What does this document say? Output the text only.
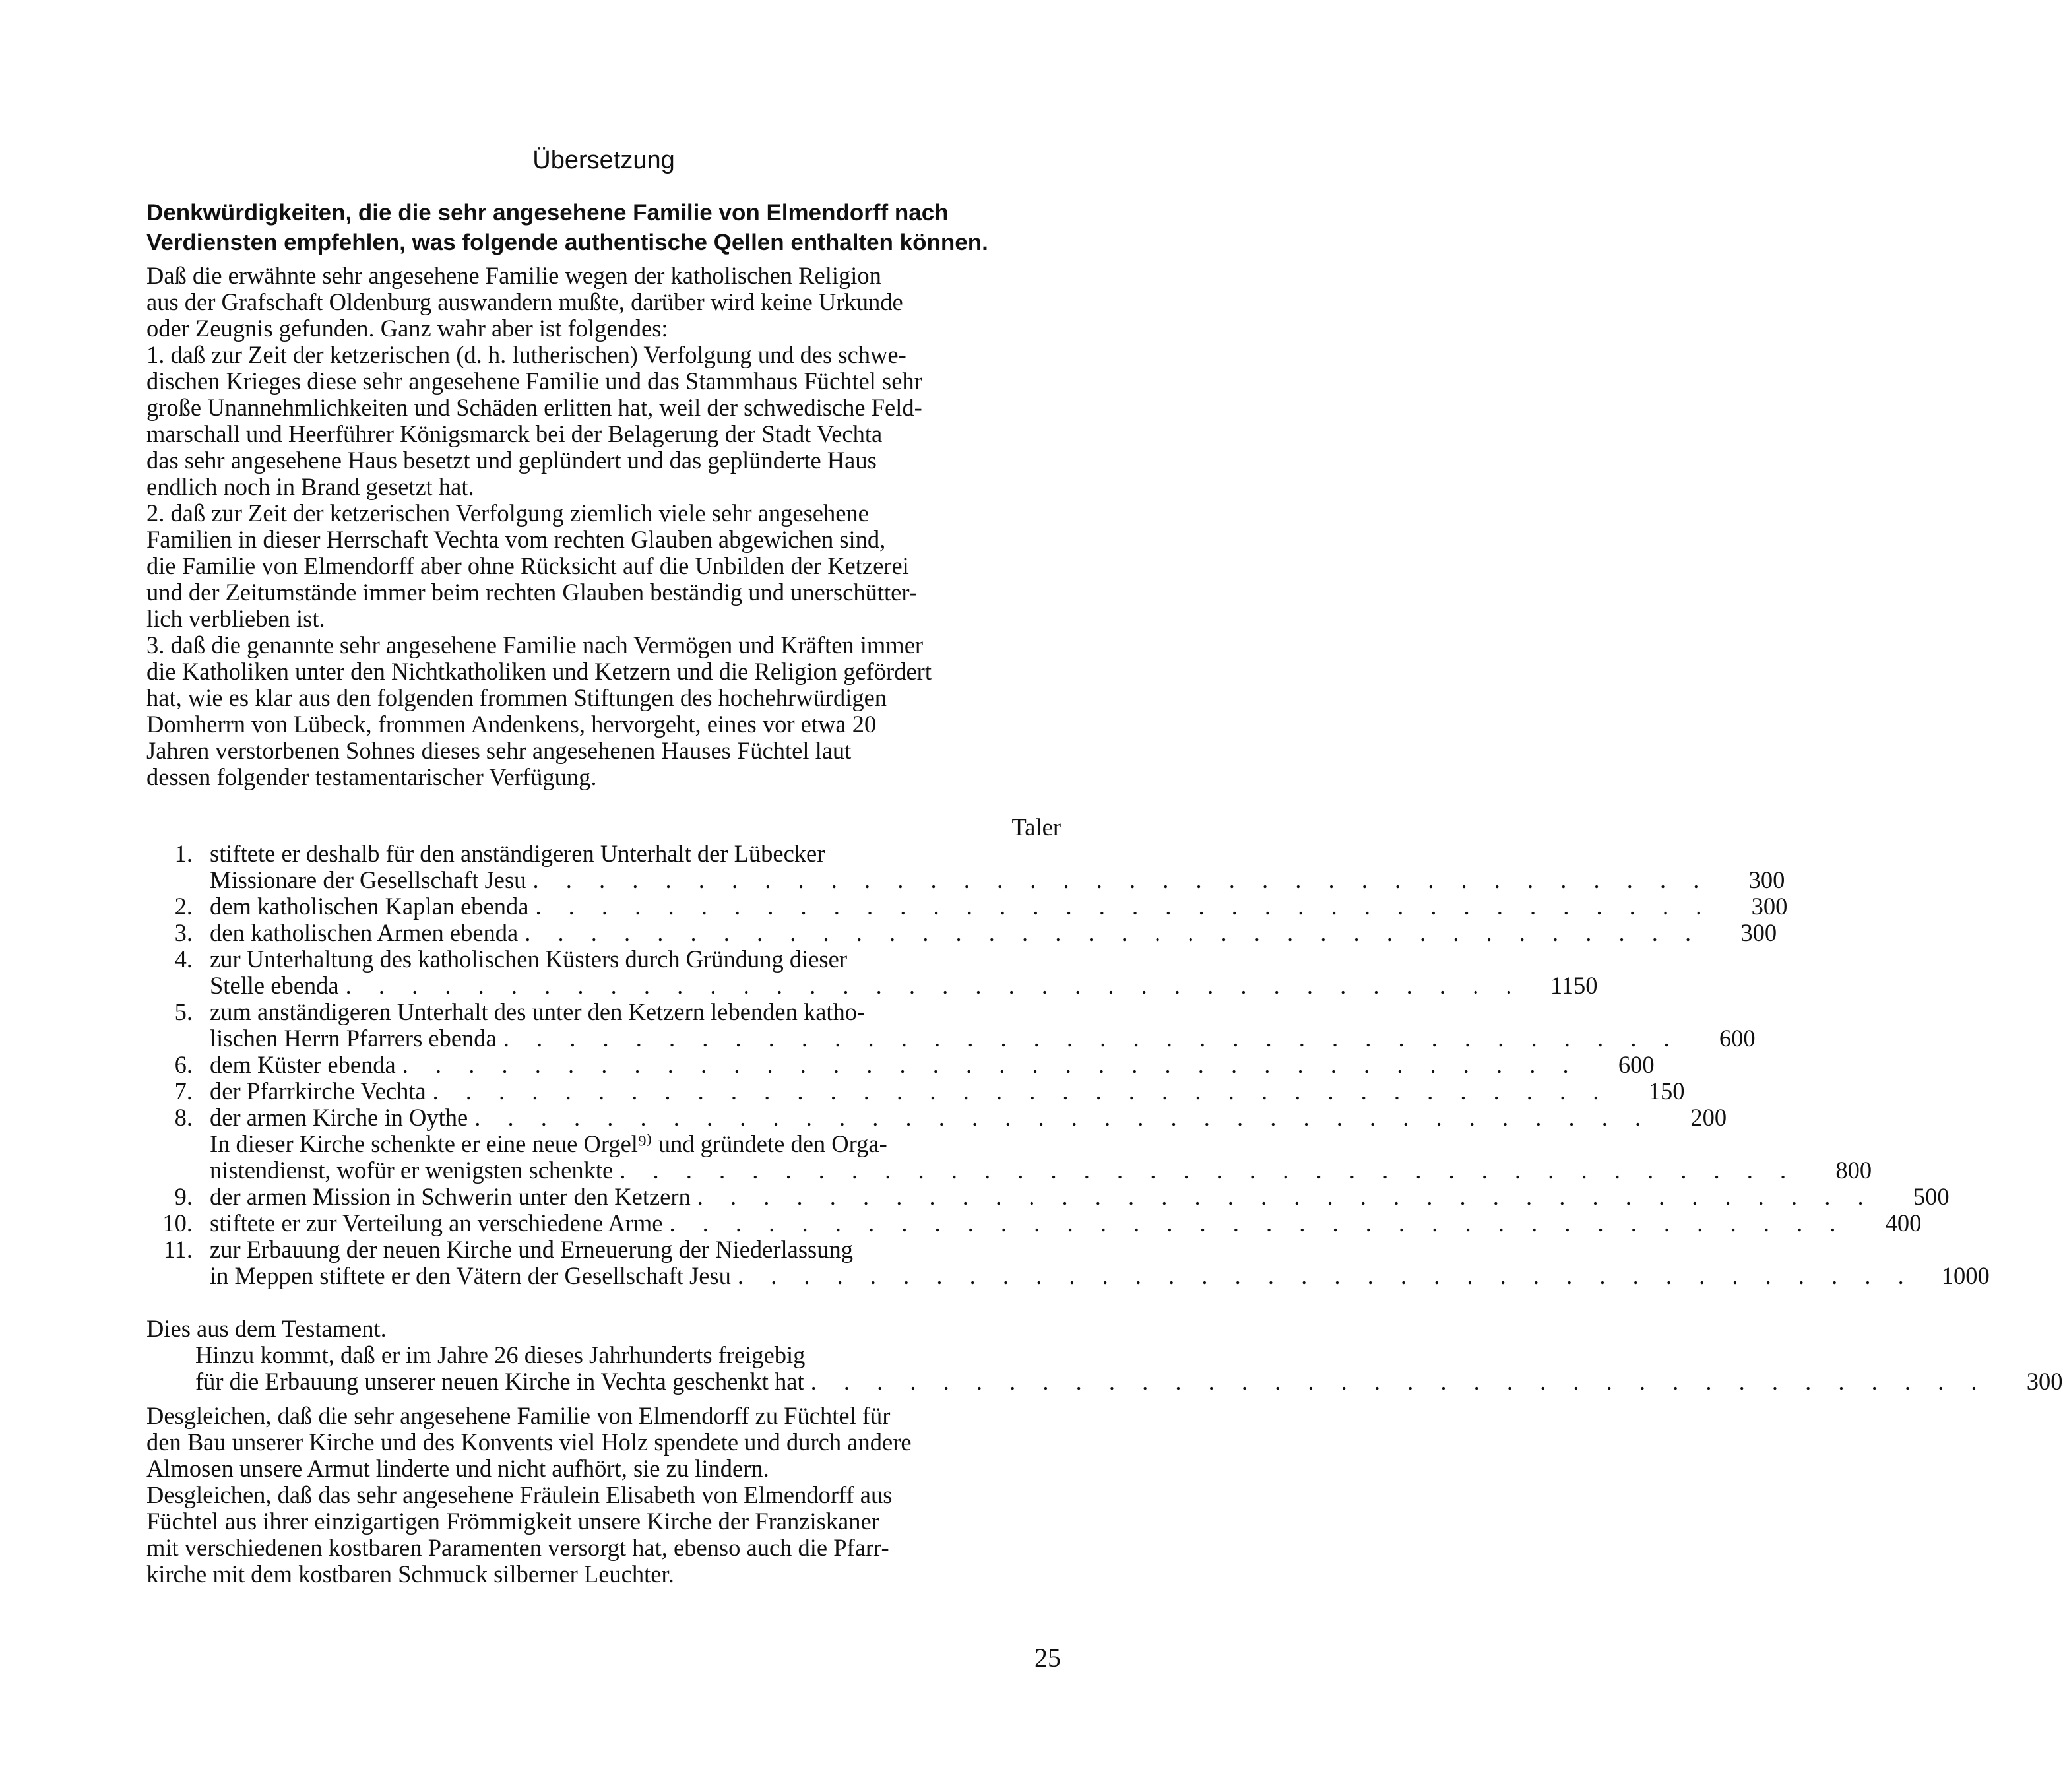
Übersetzung
Denkwürdigkeiten, die die sehr angesehene Familie von Elmendorff nach
Verdiensten empfehlen, was folgende authentische Qellen enthalten können.
Daß die erwähnte sehr angesehene Familie wegen der katholischen Religion
aus der Grafschaft Oldenburg auswandern mußte, darüber wird keine Urkunde
oder Zeugnis gefunden. Ganz wahr aber ist folgendes:
1. daß zur Zeit der ketzerischen (d. h. lutherischen) Verfolgung und des schwe-
dischen Krieges diese sehr angesehene Familie und das Stammhaus Füchtel sehr
große Unannehmlichkeiten und Schäden erlitten hat, weil der schwedische Feld-
marschall und Heerführer Königsmarck bei der Belagerung der Stadt Vechta
das sehr angesehene Haus besetzt und geplündert und das geplünderte Haus
endlich noch in Brand gesetzt hat.
2. daß zur Zeit der ketzerischen Verfolgung ziemlich viele sehr angesehene
Familien in dieser Herrschaft Vechta vom rechten Glauben abgewichen sind,
die Familie von Elmendorff aber ohne Rücksicht auf die Unbilden der Ketzerei
und der Zeitumstände immer beim rechten Glauben beständig und unerschütter-
lich verblieben ist.
3. daß die genannte sehr angesehene Familie nach Vermögen und Kräften immer
die Katholiken unter den Nichtkatholiken und Ketzern und die Religion gefördert
hat, wie es klar aus den folgenden frommen Stiftungen des hochehrwürdigen
Domherrn von Lübeck, frommen Andenkens, hervorgeht, eines vor etwa 20
Jahren verstorbenen Sohnes dieses sehr angesehenen Hauses Füchtel laut
dessen folgender testamentarischer Verfügung.
Taler
1. stiftete er deshalb für den anständigeren Unterhalt der Lübecker
Missionare der Gesellschaft Jesu . . . . . . . . . . . . . . . . . . . . . . . . . . . . . . . . . . . .	300
2. dem katholischen Kaplan ebenda . . . . . . . . . . . . . . . . . . . . . . . . . . . . . . . . . . . .	300
3. den katholischen Armen ebenda . . . . . . . . . . . . . . . . . . . . . . . . . . . . . . . . . . . .	300
4. zur Unterhaltung des katholischen Küsters durch Gründung dieser
Stelle ebenda . . . . . . . . . . . . . . . . . . . . . . . . . . . . . . . . . . . .	1150
5. zum anständigeren Unterhalt des unter den Ketzern lebenden katho-
lischen Herrn Pfarrers ebenda . . . . . . . . . . . . . . . . . . . . . . . . . . . . . . . . . . . .	600
6. dem Küster ebenda . . . . . . . . . . . . . . . . . . . . . . . . . . . . . . . . . . . .	600
7. der Pfarrkirche Vechta . . . . . . . . . . . . . . . . . . . . . . . . . . . . . . . . . . . .	150
8. der armen Kirche in Oythe . . . . . . . . . . . . . . . . . . . . . . . . . . . . . . . . . . . .	200
In dieser Kirche schenkte er eine neue Orgel⁹⁾ und gründete den Orga-
nistendienst, wofür er wenigsten schenkte . . . . . . . . . . . . . . . . . . . . . . . . . . . . . . . . . . . .	800
9. der armen Mission in Schwerin unter den Ketzern . . . . . . . . . . . . . . . . . . . . . . . . . . . . . . . . . . . .	500
10. stiftete er zur Verteilung an verschiedene Arme . . . . . . . . . . . . . . . . . . . . . . . . . . . . . . . . . . . .	400
11. zur Erbauung der neuen Kirche und Erneuerung der Niederlassung
in Meppen stiftete er den Vätern der Gesellschaft Jesu . . . . . . . . . . . . . . . . . . . . . . . . . . . . . . . . . . . .	1000
Dies aus dem Testament.
Hinzu kommt, daß er im Jahre 26 dieses Jahrhunderts freigebig
für die Erbauung unserer neuen Kirche in Vechta geschenkt hat . . . . . . . . . . . . . . . . . . . . . . . . . . . . . . . . . . . .	300
Desgleichen, daß die sehr angesehene Familie von Elmendorff zu Füchtel für
den Bau unserer Kirche und des Konvents viel Holz spendete und durch andere
Almosen unsere Armut linderte und nicht aufhört, sie zu lindern.
Desgleichen, daß das sehr angesehene Fräulein Elisabeth von Elmendorff aus
Füchtel aus ihrer einzigartigen Frömmigkeit unsere Kirche der Franziskaner
mit verschiedenen kostbaren Paramenten versorgt hat, ebenso auch die Pfarr-
kirche mit dem kostbaren Schmuck silberner Leuchter.
25
